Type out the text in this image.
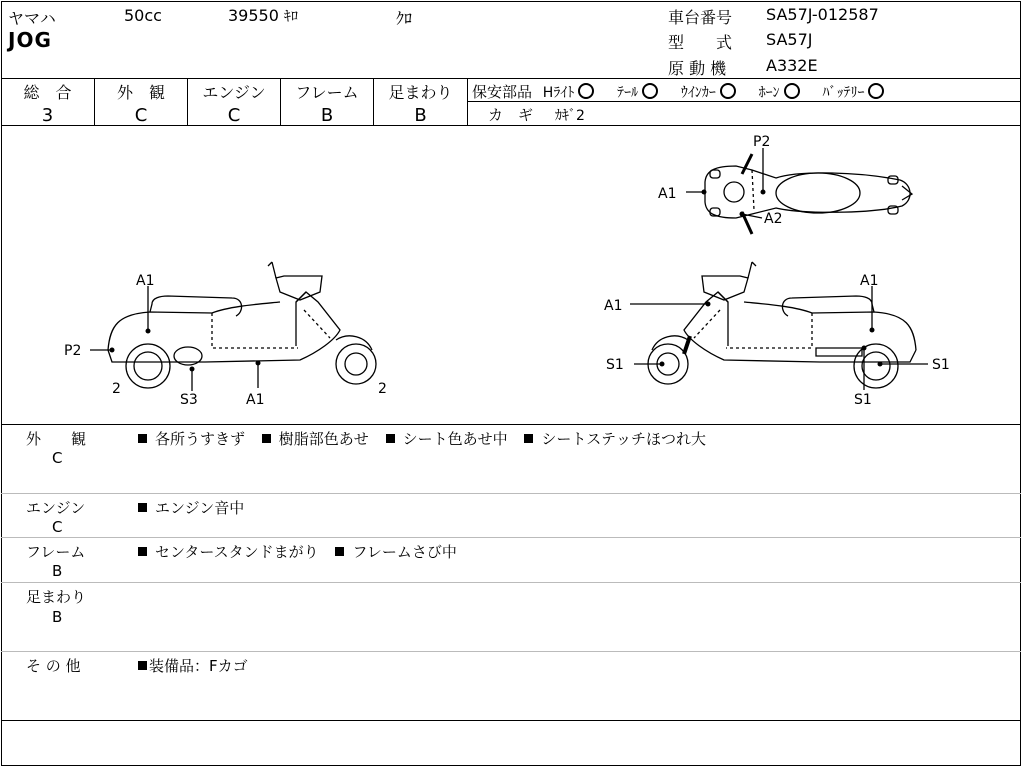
ヤマハ	50cc	39550 ｷﾛ	ｸﾛ
JOG
車台番号 SA57J-012587
型　　式 SA57J
原 動 機 A332E
総　合
3
外　観
C
エンジン
C
フレーム
B
足まわり
B
保安部品 Hﾗｲﾄ	ﾃｰﾙ	ｳｲﾝｶｰ	ﾎｰﾝ	ﾊﾞｯﾃﾘｰ
カ　ギ ｶｷﾞ2
A1
P2
2
S3	A1
2
P2
A1
A2
A1
A1
S1	S1
S1
外　　観
C
各所うすきず 樹脂部色あせ シート色あせ中 シートステッチほつれ大
エンジン
C
エンジン音中
フレーム
B
センタースタンドまがり フレームさび中
足まわり
B
そ の 他	装備品：Fカゴ
